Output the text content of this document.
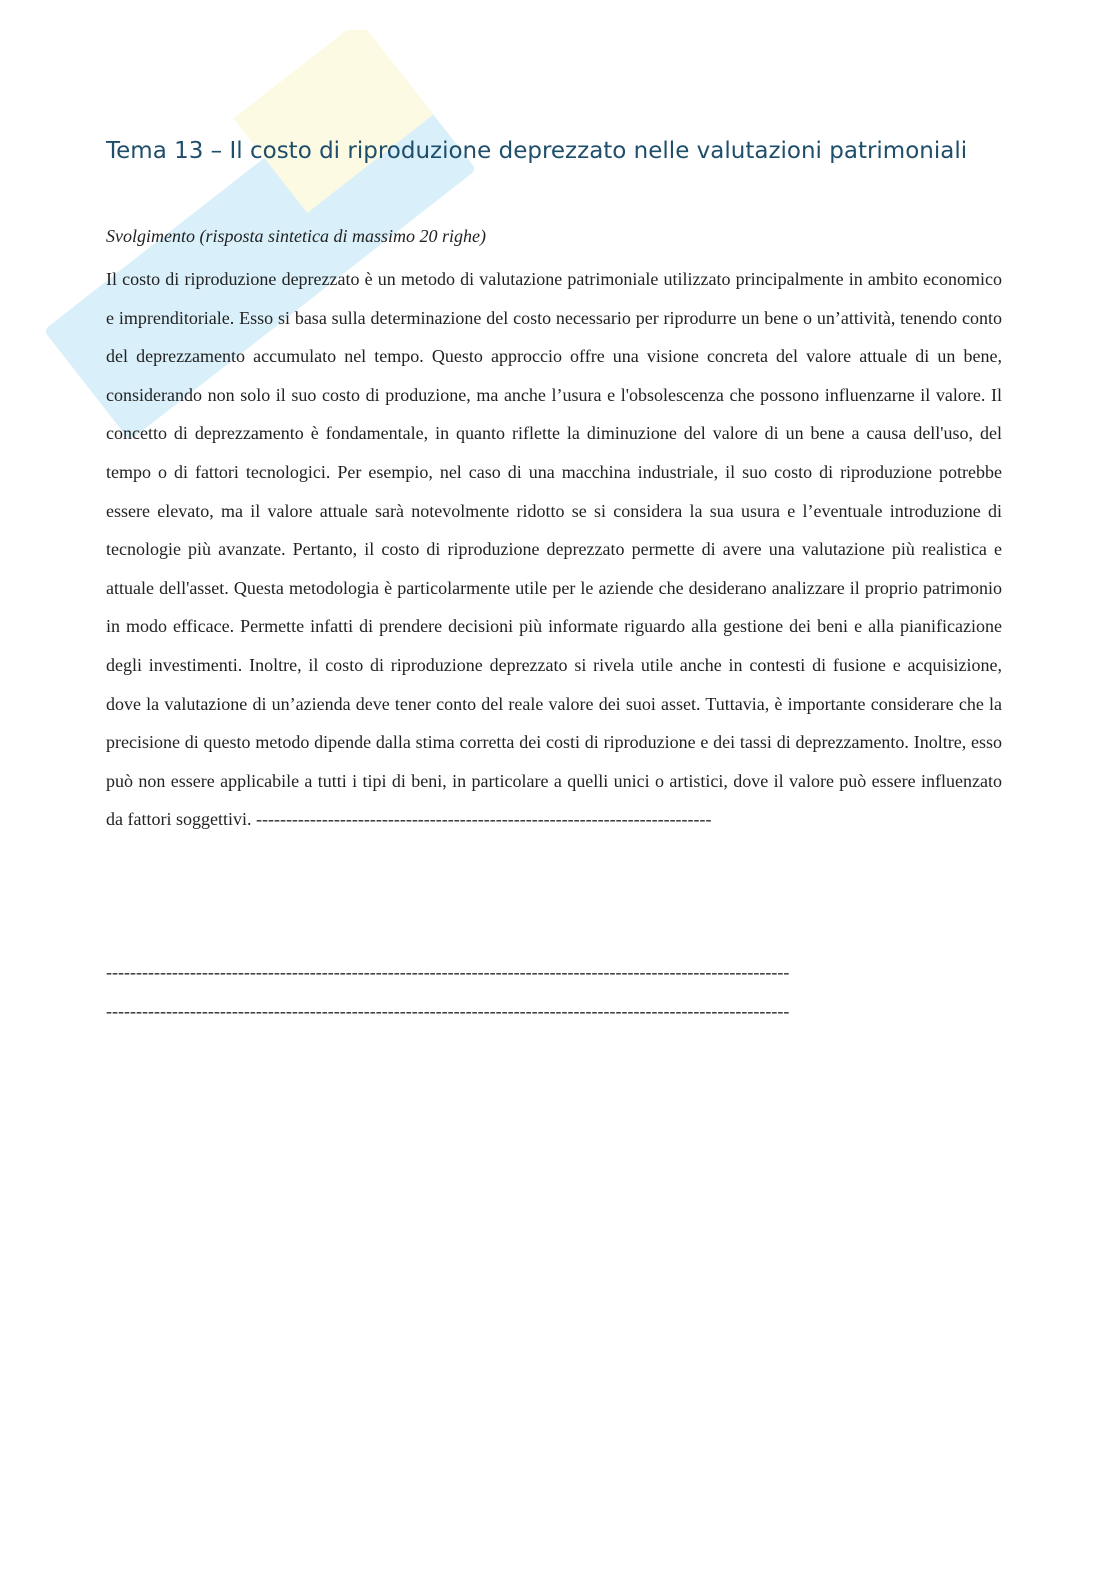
Tema 13 – Il costo di riproduzione deprezzato nelle valutazioni patrimoniali

Svolgimento (risposta sintetica di massimo 20 righe)

Il costo di riproduzione deprezzato è un metodo di valutazione patrimoniale utilizzato principalmente in ambito economico e imprenditoriale. Esso si basa sulla determinazione del costo necessario per riprodurre un bene o un’attività, tenendo conto del deprezzamento accumulato nel tempo. Questo approccio offre una visione concreta del valore attuale di un bene, considerando non solo il suo costo di produzione, ma anche l’usura e l'obsolescenza che possono influenzarne il valore. Il concetto di deprezzamento è fondamentale, in quanto riflette la diminuzione del valore di un bene a causa dell'uso, del tempo o di fattori tecnologici. Per esempio, nel caso di una macchina industriale, il suo costo di riproduzione potrebbe essere elevato, ma il valore attuale sarà notevolmente ridotto se si considera la sua usura e l’eventuale introduzione di tecnologie più avanzate. Pertanto, il costo di riproduzione deprezzato permette di avere una valutazione più realistica e attuale dell'asset. Questa metodologia è particolarmente utile per le aziende che desiderano analizzare il proprio patrimonio in modo efficace. Permette infatti di prendere decisioni più informate riguardo alla gestione dei beni e alla pianificazione degli investimenti. Inoltre, il costo di riproduzione deprezzato si rivela utile anche in contesti di fusione e acquisizione, dove la valutazione di un’azienda deve tener conto del reale valore dei suoi asset. Tuttavia, è importante considerare che la precisione di questo metodo dipende dalla stima corretta dei costi di riproduzione e dei tassi di deprezzamento. Inoltre, esso può non essere applicabile a tutti i tipi di beni, in particolare a quelli unici o artistici, dove il valore può essere influenzato da fattori soggettivi. ----------------------------------------------------------------------------

------------------------------------------------------------------------------------------------------------------

------------------------------------------------------------------------------------------------------------------
